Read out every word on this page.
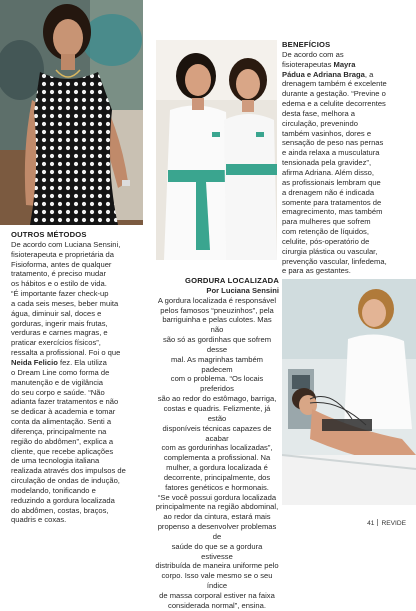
OUTROS MÉTODOS

De acordo com Luciana Sensini,

fisioterapeuta e proprietária da

Fisioforma, antes de qualquer

tratamento, é preciso mudar

os hábitos e o estilo de vida.

“É importante fazer check-up

a cada seis meses, beber muita

água, diminuir sal, doces e

gorduras, ingerir mais frutas,

verduras e carnes magras, e

praticar exercícios físicos”,

ressalta a profissional. Foi o que

Neida Felicio fez. Ela utiliza

o Dream Line como forma de

manutenção e de vigilância

do seu corpo e saúde. “Não

adianta fazer tratamentos e não

se dedicar à academia e tomar

conta da alimentação. Senti a

diferença, principalmente na

região do abdômen”, explica a

cliente, que recebe aplicações

de uma tecnologia italiana

realizada através dos impulsos de

circulação de ondas de indução,

modelando, tonificando e

reduzindo a gordura localizada

do abdômen, costas, braços,

quadris e coxas.

BENEFÍCIOS

De acordo com as

fisioterapeutas Mayra

Pádua e Adriana Braga, a

drenagem também é excelente

durante a gestação. “Previne o

edema e a celulite decorrentes

desta fase, melhora a

circulação, prevenindo

também vasinhos, dores e

sensação de peso nas pernas

e ainda relaxa a musculatura

tensionada pela gravidez”,

afirma Adriana. Além disso,

as profissionais lembram que

a drenagem não é indicada

somente para tratamentos de

emagrecimento, mas também

para mulheres que sofrem

com retenção de líquidos,

celulite, pós-operatório de

cirurgia plástica ou vascular,

prevenção vascular, linfedema,

e para as gestantes.

GORDURA LOCALIZADA

Por Luciana Sensini

A gordura localizada é responsável

pelos famosos “pneuzinhos”, pela

barriguinha e pelas culotes. Mas não

são só as gordinhas que sofrem desse

mal. As magrinhas também padecem

com o problema. “Os locais preferidos

são ao redor do estômago, barriga,

costas e quadris. Felizmente, já estão

disponíveis técnicas capazes de acabar

com as gordurinhas localizadas”,

complementa a profissional. Na

mulher, a gordura localizada é

decorrente, principalmente, dos

fatores genéticos e hormonais.

“Se você possui gordura localizada

principalmente na região abdominal,

ao redor da cintura, estará mais

propenso a desenvolver problemas de

saúde do que se a gordura estivesse

distribuída de maneira uniforme pelo

corpo. Isso vale mesmo se o seu índice

de massa corporal estiver na faixa

considerada normal”, ensina.

41 REVIDE
